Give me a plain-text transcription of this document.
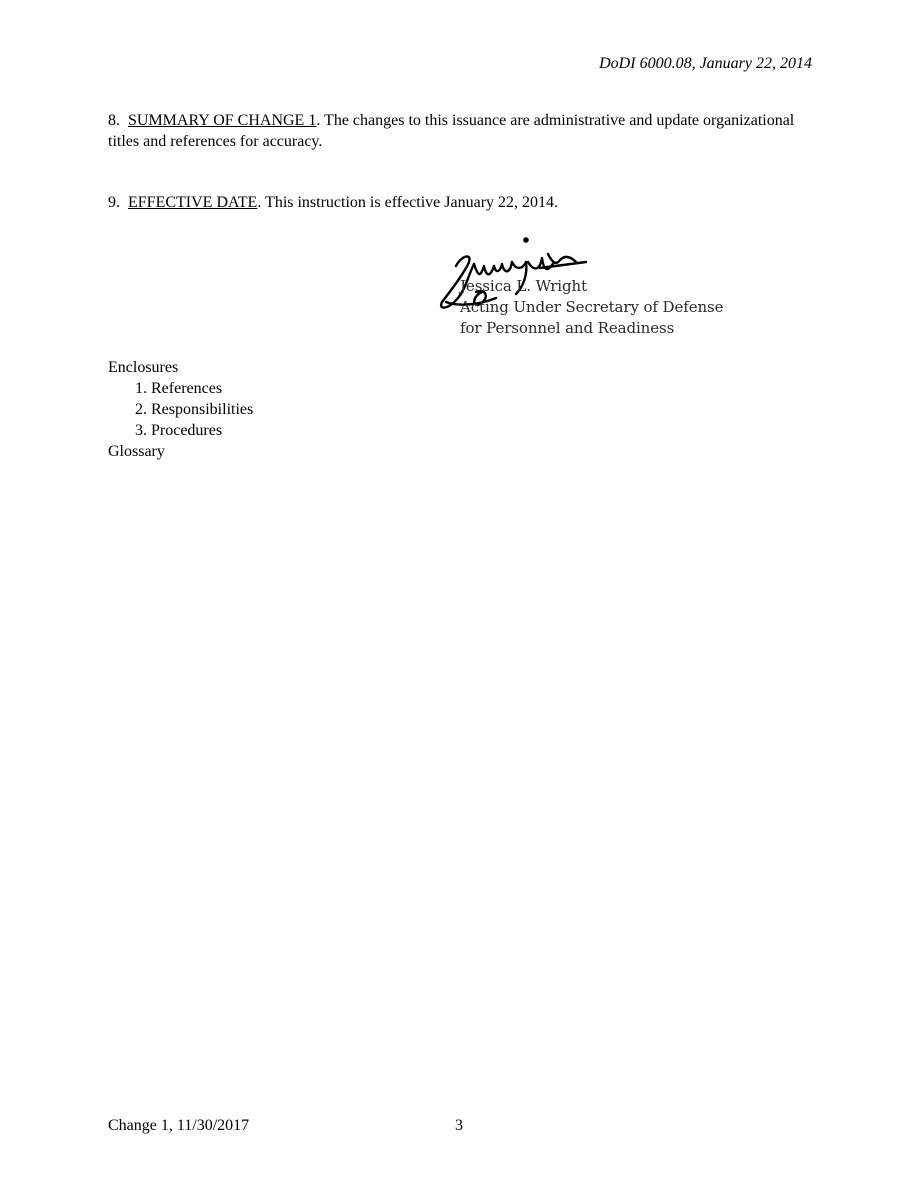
DoDI 6000.08, January 22, 2014
8. SUMMARY OF CHANGE 1. The changes to this issuance are administrative and update organizational titles and references for accuracy.
9. EFFECTIVE DATE. This instruction is effective January 22, 2014.
Jessica L. Wright
Acting Under Secretary of Defense
for Personnel and Readiness
Enclosures
1. References
2. Responsibilities
3. Procedures
Glossary
Change 1, 11/30/2017	3
